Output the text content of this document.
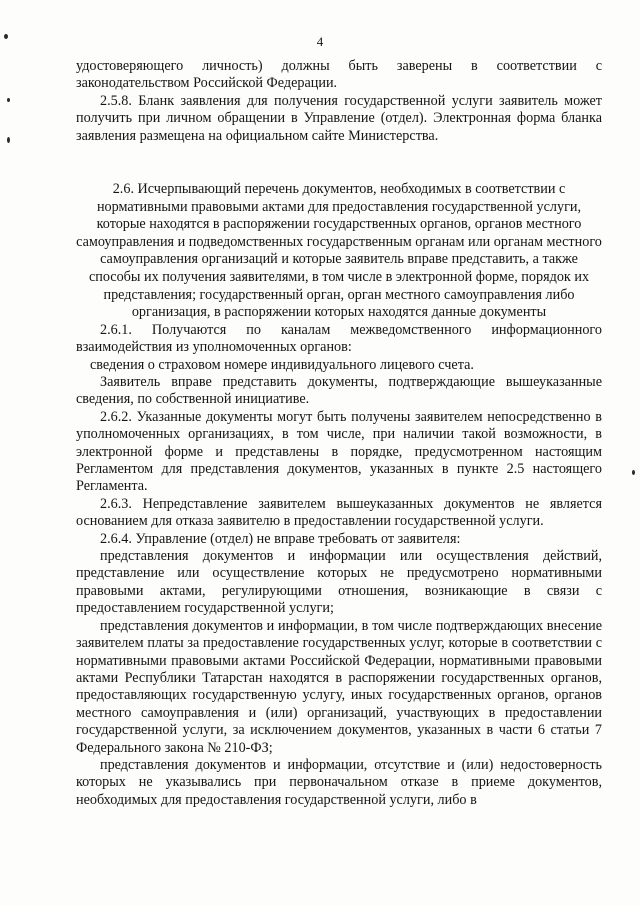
4

удостоверяющего личность) должны быть заверены в соответствии с законодательством Российской Федерации.

2.5.8. Бланк заявления для получения государственной услуги заявитель может получить при личном обращении в Управление (отдел). Электронная форма бланка заявления размещена на официальном сайте Министерства.

2.6. Исчерпывающий перечень документов, необходимых в соответствии с нормативными правовыми актами для предоставления государственной услуги, которые находятся в распоряжении государственных органов, органов местного самоуправления и подведомственных государственным органам или органам местного самоуправления организаций и которые заявитель вправе представить, а также способы их получения заявителями, в том числе в электронной форме, порядок их представления; государственный орган, орган местного самоуправления либо организация, в распоряжении которых находятся данные документы

2.6.1. Получаются по каналам межведомственного информационного взаимодействия из уполномоченных органов:

сведения о страховом номере индивидуального лицевого счета.

Заявитель вправе представить документы, подтверждающие вышеуказанные сведения, по собственной инициативе.

2.6.2. Указанные документы могут быть получены заявителем непосредственно в уполномоченных организациях, в том числе, при наличии такой возможности, в электронной форме и представлены в порядке, предусмотренном настоящим Регламентом для представления документов, указанных в пункте 2.5 настоящего Регламента.

2.6.3. Непредставление заявителем вышеуказанных документов не является основанием для отказа заявителю в предоставлении государственной услуги.

2.6.4. Управление (отдел) не вправе требовать от заявителя:

представления документов и информации или осуществления действий, представление или осуществление которых не предусмотрено нормативными правовыми актами, регулирующими отношения, возникающие в связи с предоставлением государственной услуги;

представления документов и информации, в том числе подтверждающих внесение заявителем платы за предоставление государственных услуг, которые в соответствии с нормативными правовыми актами Российской Федерации, нормативными правовыми актами Республики Татарстан находятся в распоряжении государственных органов, предоставляющих государственную услугу, иных государственных органов, органов местного самоуправления и (или) организаций, участвующих в предоставлении государственной услуги, за исключением документов, указанных в части 6 статьи 7 Федерального закона № 210-ФЗ;

представления документов и информации, отсутствие и (или) недостоверность которых не указывались при первоначальном отказе в приеме документов, необходимых для предоставления государственной услуги, либо в
